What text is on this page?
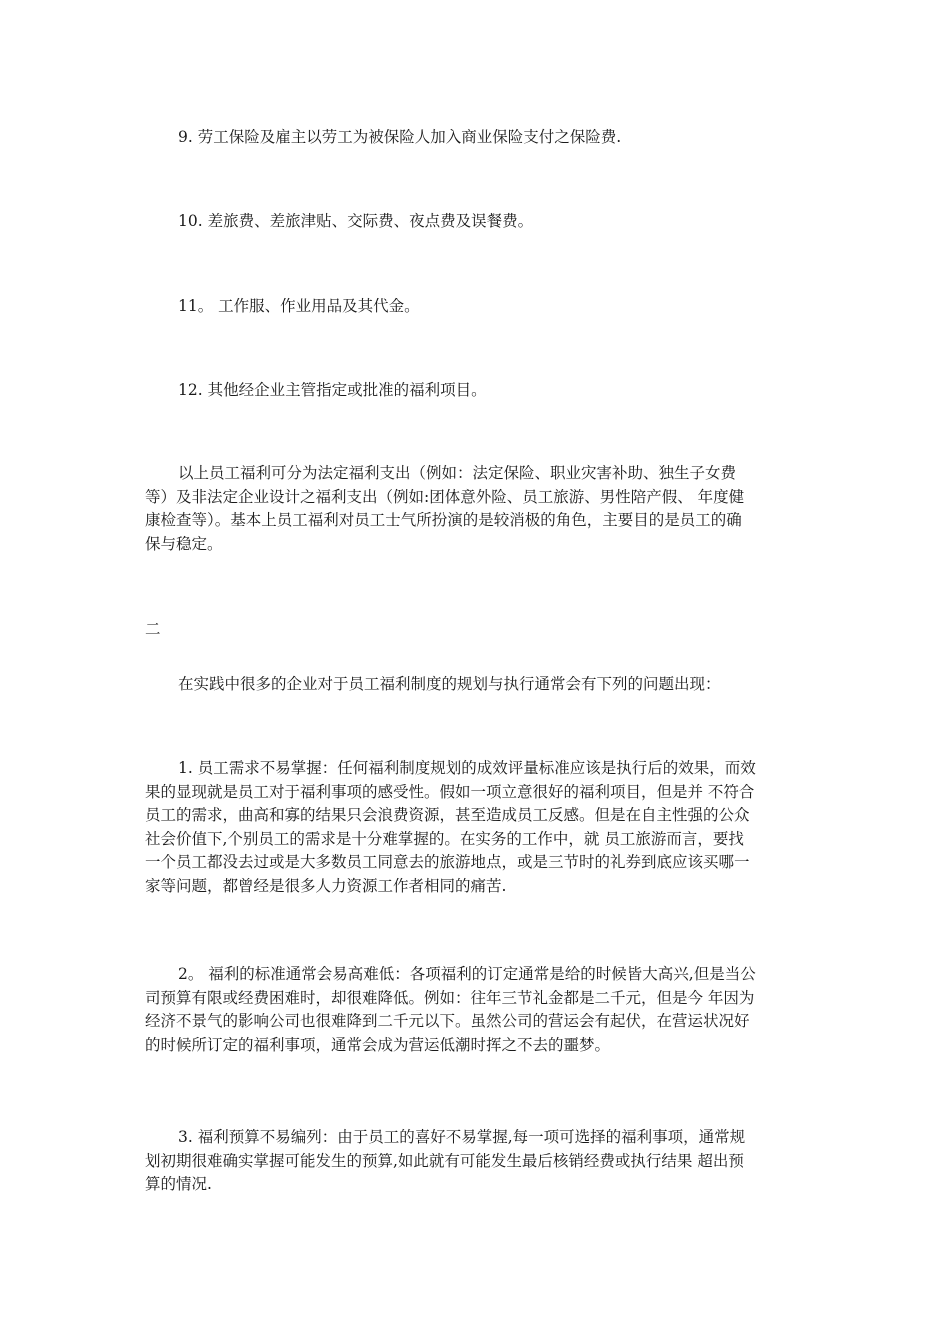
9. 劳工保险及雇主以劳工为被保险人加入商业保险支付之保险费.
10. 差旅费、差旅津贴、交际费、夜点费及误餐费。
11。 工作服、作业用品及其代金。
12. 其他经企业主管指定或批准的福利项目。
以上员工福利可分为法定福利支出（例如：法定保险、职业灾害补助、独生子女费
等）及非法定企业设计之福利支出（例如:团体意外险、员工旅游、男性陪产假、 年度健
康检查等）。基本上员工福利对员工士气所扮演的是较消极的角色，主要目的是员工的确
保与稳定。
二
在实践中很多的企业对于员工福利制度的规划与执行通常会有下列的问题出现：
1. 员工需求不易掌握：任何福利制度规划的成效评量标准应该是执行后的效果，而效
果的显现就是员工对于福利事项的感受性。假如一项立意很好的福利项目，但是并 不符合
员工的需求，曲高和寡的结果只会浪费资源，甚至造成员工反感。但是在自主性强的公众
社会价值下,个别员工的需求是十分难掌握的。在实务的工作中，就 员工旅游而言，要找
一个员工都没去过或是大多数员工同意去的旅游地点，或是三节时的礼券到底应该买哪一
家等问题，都曾经是很多人力资源工作者相同的痛苦.
2。 福利的标准通常会易高难低：各项福利的订定通常是给的时候皆大高兴,但是当公
司预算有限或经费困难时，却很难降低。例如：往年三节礼金都是二千元，但是今 年因为
经济不景气的影响公司也很难降到二千元以下。虽然公司的营运会有起伏，在营运状况好
的时候所订定的福利事项，通常会成为营运低潮时挥之不去的噩梦。
3. 福利预算不易编列：由于员工的喜好不易掌握,每一项可选择的福利事项，通常规
划初期很难确实掌握可能发生的预算,如此就有可能发生最后核销经费或执行结果 超出预
算的情况.
